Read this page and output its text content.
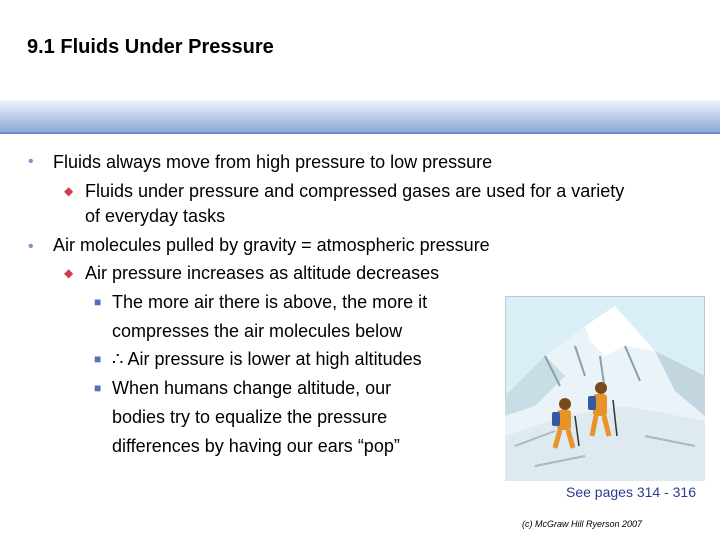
9.1 Fluids Under Pressure
• Fluids always move from high pressure to low pressure
◆ Fluids under pressure and compressed gases are used for a variety
of everyday tasks
• Air molecules pulled by gravity = atmospheric pressure
◆ Air pressure increases as altitude decreases
■ The more air there is above, the more it
compresses the air molecules below
■ ∴ Air pressure is lower at high altitudes
■ When humans change altitude, our
bodies try to equalize the pressure
differences by having our ears “pop”
See pages 314 - 316
(c) McGraw Hill Ryerson 2007
